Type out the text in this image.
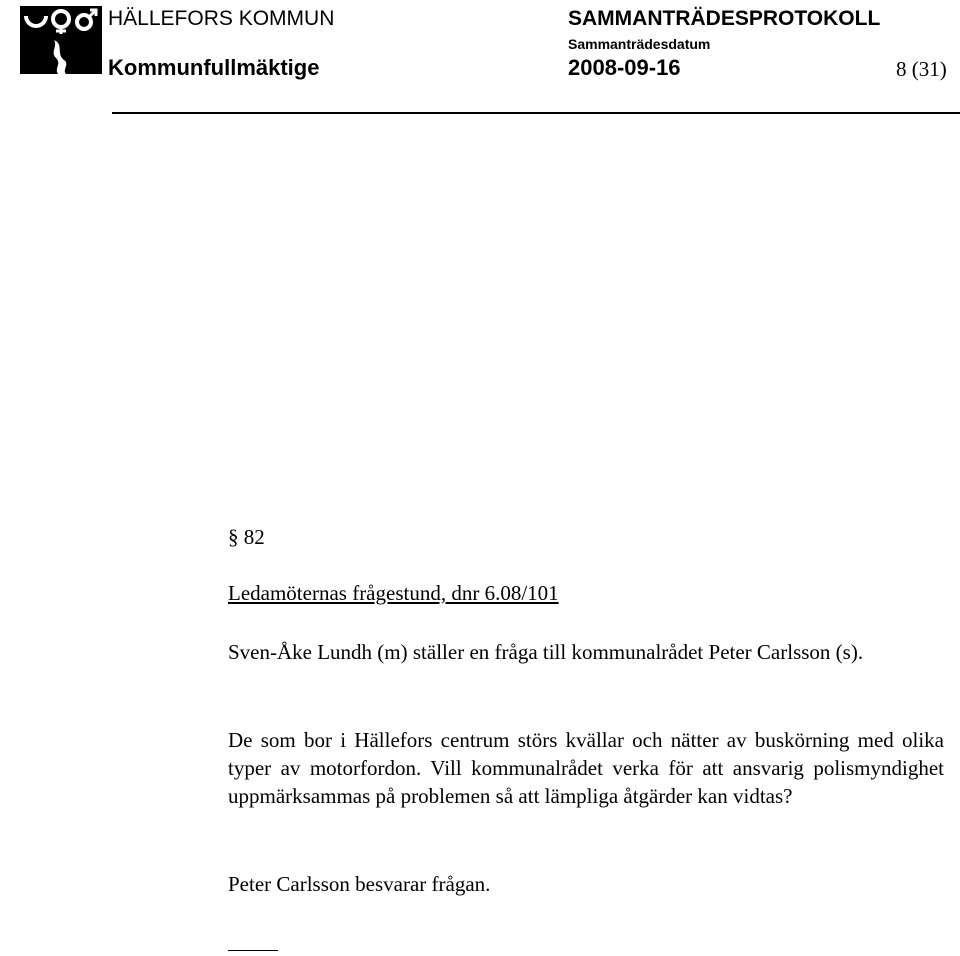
HÄLLEFORS KOMMUN
Kommunfullmäktige
SAMMANTRÄDESPROTOKOLL
Sammanträdesdatum
2008-09-16	8 (31)
§ 82
Ledamöternas frågestund, dnr 6.08/101
Sven-Åke Lundh (m) ställer en fråga till kommunalrådet Peter Carlsson (s).
De som bor i Hällefors centrum störs kvällar och nätter av buskörning med olika typer av motorfordon. Vill kommunalrådet verka för att ansvarig polismyndighet uppmärksammas på problemen så att lämpliga åtgärder kan vidtas?
Peter Carlsson besvarar frågan.
